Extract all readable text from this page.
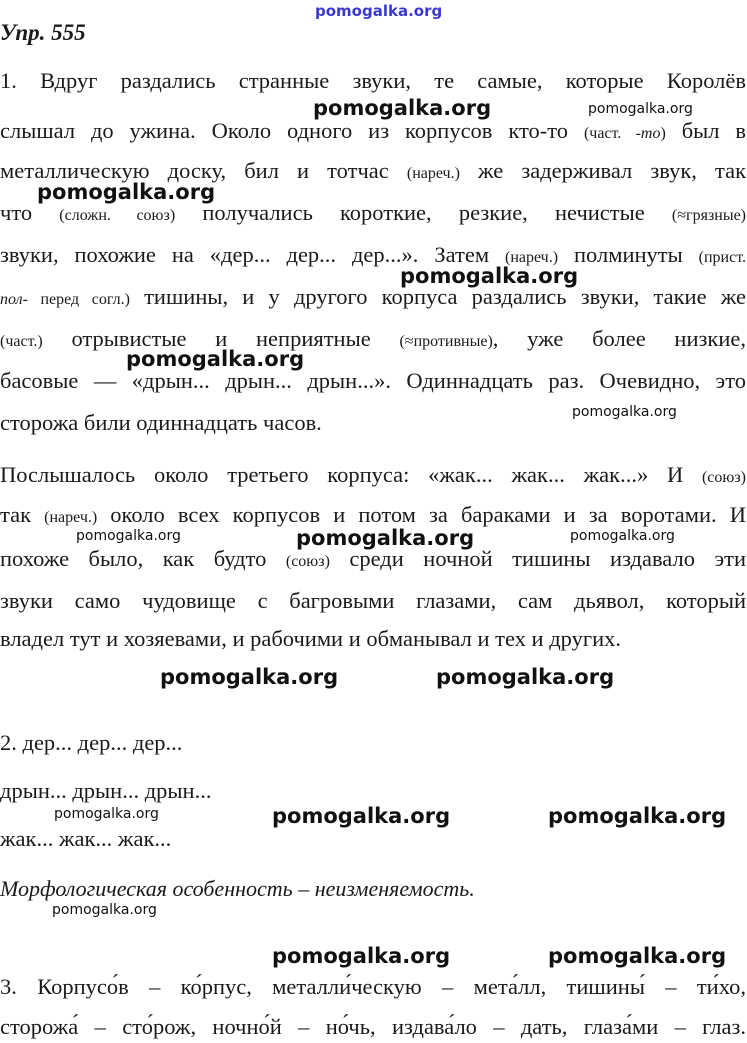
pomogalka.org
pomogalka.org	pomogalka.org
pomogalka.org
pomogalka.org
pomogalka.org
pomogalka.org
pomogalka.org
pomogalka.org	pomogalka.org
pomogalka.org	pomogalka.org
pomogalka.org	pomogalka.org
pomogalka.org
pomogalka.org
pomogalka.org	pomogalka.org
Упр. 555
1. Вдруг раздались странные звуки, те самые, которые Королёв
слышал до ужина. Около одного из корпусов кто-то (част. -то) был в
металлическую доску, бил и тотчас (нареч.) же задерживал звук, так
что (сложн. союз) получались короткие, резкие, нечистые (≈грязные)
звуки, похожие на «дер... дер... дер...». Затем (нареч.) полминуты (прист.
пол- перед согл.) тишины, и у другого корпуса раздались звуки, такие же
(част.) отрывистые и неприятные (≈противные), уже более низкие,
басовые — «дрын... дрын... дрын...». Одиннадцать раз. Очевидно, это
сторожа били одиннадцать часов.
Послышалось около третьего корпуса: «жак... жак... жак...» И (союз)
так (нареч.) около всех корпусов и потом за бараками и за воротами. И
похоже было, как будто (союз) среди ночной тишины издавало эти
звуки само чудовище с багровыми глазами, сам дьявол, который
владел тут и хозяевами, и рабочими и обманывал и тех и других.
2. дер... дер... дер...
дрын... дрын... дрын...
жак... жак... жак...
Морфологическая особенность – неизменяемость.
3. Корпусо́в – ко́рпус, металли́ческую – мета́лл, тишины́ – ти́хо,
сторожа́ – сто́рож, ночно́й – но́чь, издава́ло – дать, глаза́ми – глаз.
